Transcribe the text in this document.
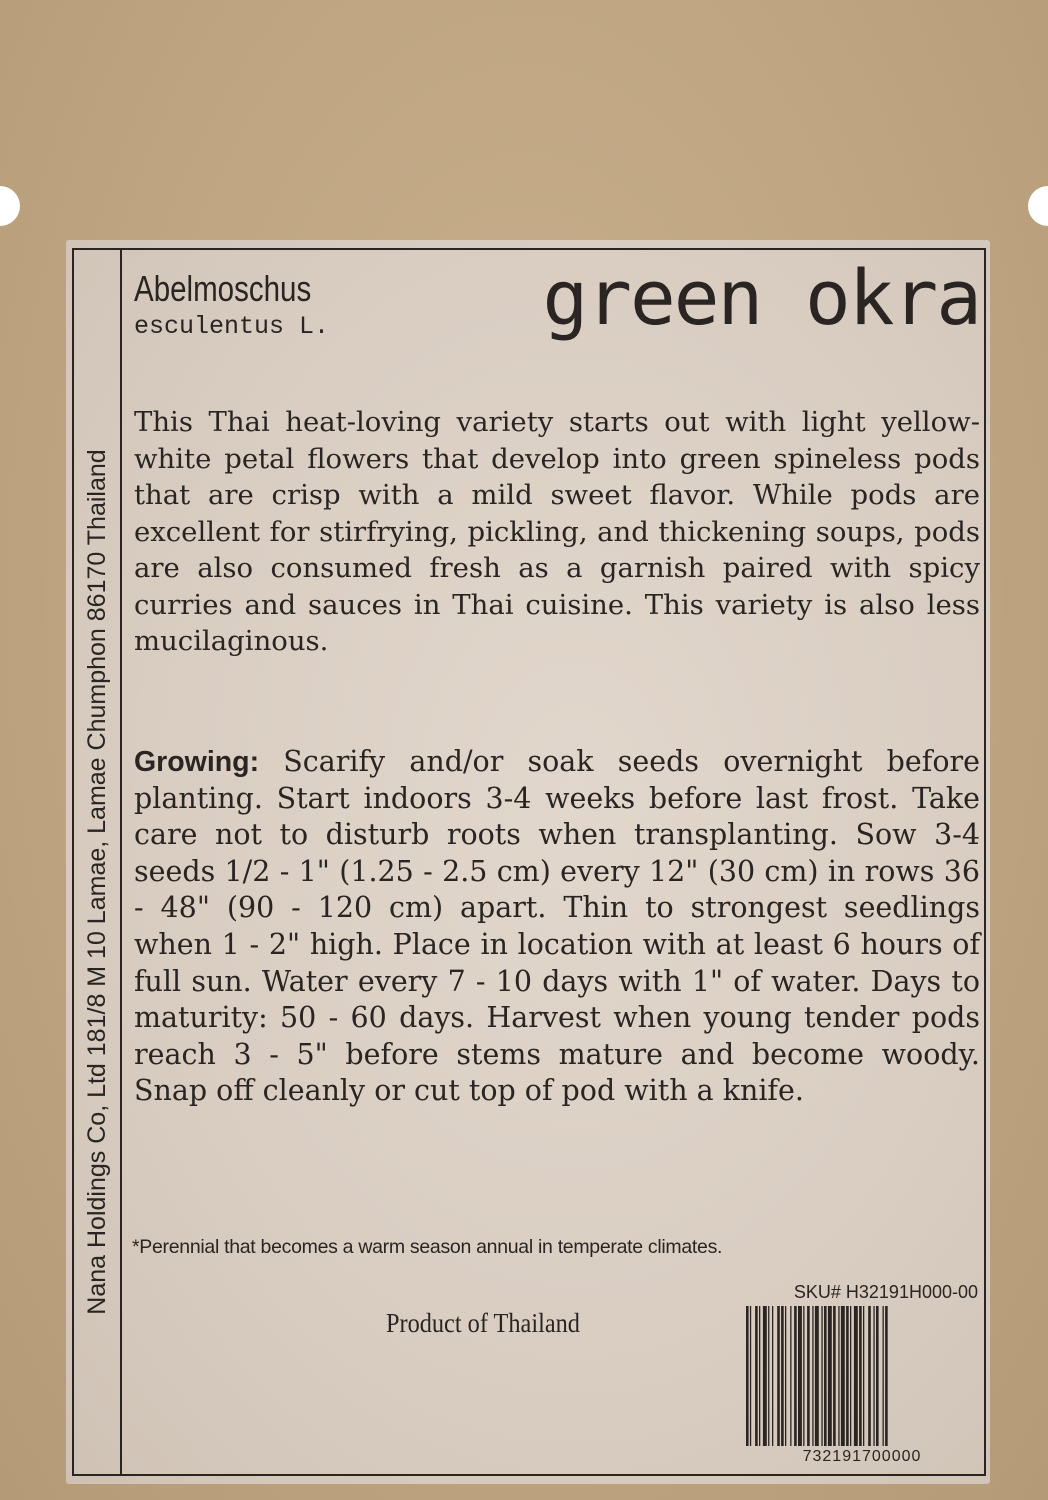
Nana Holdings Co, Ltd 181/8 M 10 Lamae, Lamae Chumphon 86170 Thailand
Abelmoschus
esculentus L.	green okra
This Thai heat-loving variety starts out with light yellow-white petal flowers that develop into green spineless pods that are crisp with a mild sweet flavor. While pods are excellent for stirfrying, pickling, and thickening soups, pods are also consumed fresh as a garnish paired with spicy curries and sauces in Thai cuisine. This variety is also less mucilaginous.
Growing: Scarify and/or soak seeds overnight before planting. Start indoors 3-4 weeks before last frost. Take care not to disturb roots when transplanting. Sow 3-4 seeds 1/2 - 1" (1.25 - 2.5 cm) every 12" (30 cm) in rows 36 - 48" (90 - 120 cm) apart. Thin to strongest seedlings when 1 - 2" high. Place in location with at least 6 hours of full sun. Water every 7 - 10 days with 1" of water. Days to maturity: 50 - 60 days. Harvest when young tender pods reach 3 - 5" before stems mature and become woody. Snap off cleanly or cut top of pod with a knife.
*Perennial that becomes a warm season annual in temperate climates.
SKU# H32191H000-00
Product of Thailand
732191700000
